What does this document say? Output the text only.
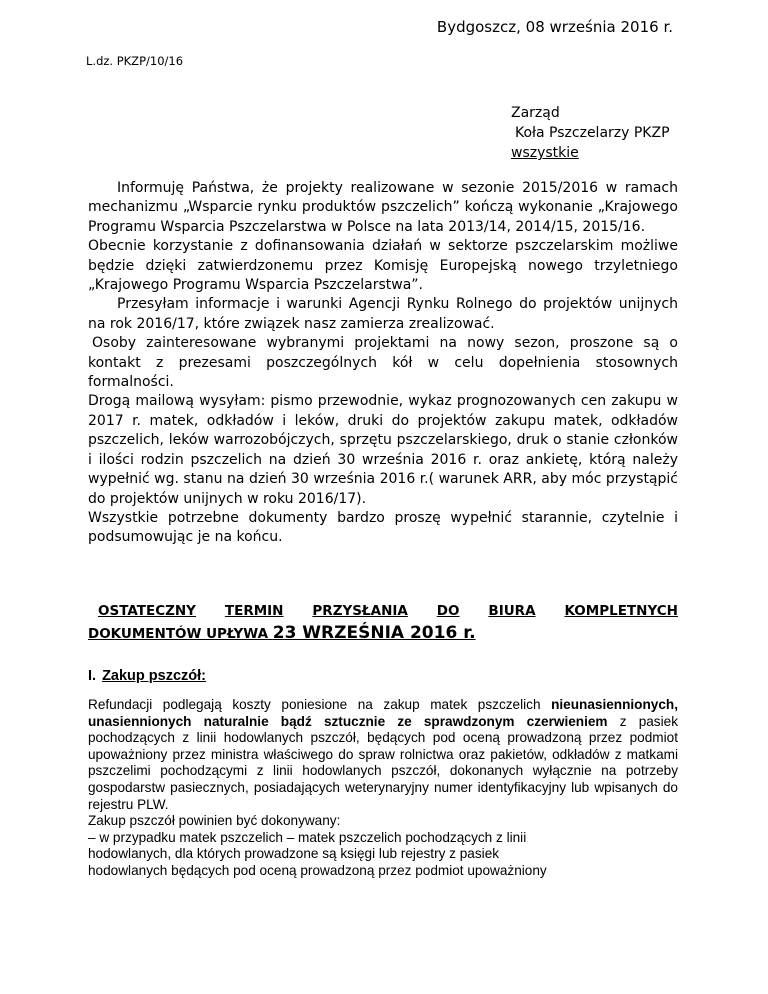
Bydgoszcz, 08 września 2016 r.
L.dz. PKZP/10/16
Zarząd
Koła Pszczelarzy PKZP
wszystkie

Informuję Państwa, że projekty realizowane w sezonie 2015/2016 w ramach mechanizmu „Wsparcie rynku produktów pszczelich” kończą wykonanie „Krajowego Programu Wsparcia Pszczelarstwa w Polsce na lata 2013/14, 2014/15, 2015/16.

Obecnie korzystanie z dofinansowania działań w sektorze pszczelarskim możliwe będzie dzięki zatwierdzonemu przez Komisję Europejską nowego trzyletniego „Krajowego Programu Wsparcia Pszczelarstwa”.

Przesyłam informacje i warunki Agencji Rynku Rolnego do projektów unijnych na rok 2016/17, które związek nasz zamierza zrealizować.

Osoby zainteresowane wybranymi projektami na nowy sezon, proszone są o kontakt z prezesami poszczególnych kół w celu dopełnienia stosownych formalności.

Drogą mailową wysyłam: pismo przewodnie, wykaz prognozowanych cen zakupu w 2017 r. matek, odkładów i leków, druki do projektów zakupu matek, odkładów pszczelich, leków warrozobójczych, sprzętu pszczelarskiego, druk o stanie członków i ilości rodzin pszczelich na dzień 30 września 2016 r. oraz ankietę, którą należy wypełnić wg. stanu na dzień 30 września 2016 r.( warunek ARR, aby móc przystąpić do projektów unijnych w roku 2016/17).

Wszystkie potrzebne dokumenty bardzo proszę wypełnić starannie, czytelnie i podsumowując je na końcu.

OSTATECZNY TERMIN PRZYSŁANIA DO BIURA KOMPLETNYCH
DOKUMENTÓW UPŁYWA 23 WRZEŚNIA 2016 r.
I. Zakup pszczół:

Refundacji podlegają koszty poniesione na zakup matek pszczelich nieunasiennionych, unasiennionych naturalnie bądź sztucznie ze sprawdzonym czerwieniem z pasiek pochodzących z linii hodowlanych pszczół, będących pod oceną prowadzoną przez podmiot upoważniony przez ministra właściwego do spraw rolnictwa oraz pakietów, odkładów z matkami pszczelimi pochodzącymi z linii hodowlanych pszczół, dokonanych wyłącznie na potrzeby gospodarstw pasiecznych, posiadających weterynaryjny numer identyfikacyjny lub wpisanych do rejestru PLW.

Zakup pszczół powinien być dokonywany:

– w przypadku matek pszczelich – matek pszczelich pochodzących z linii

hodowlanych, dla których prowadzone są księgi lub rejestry z pasiek

hodowlanych będących pod oceną prowadzoną przez podmiot upoważniony
